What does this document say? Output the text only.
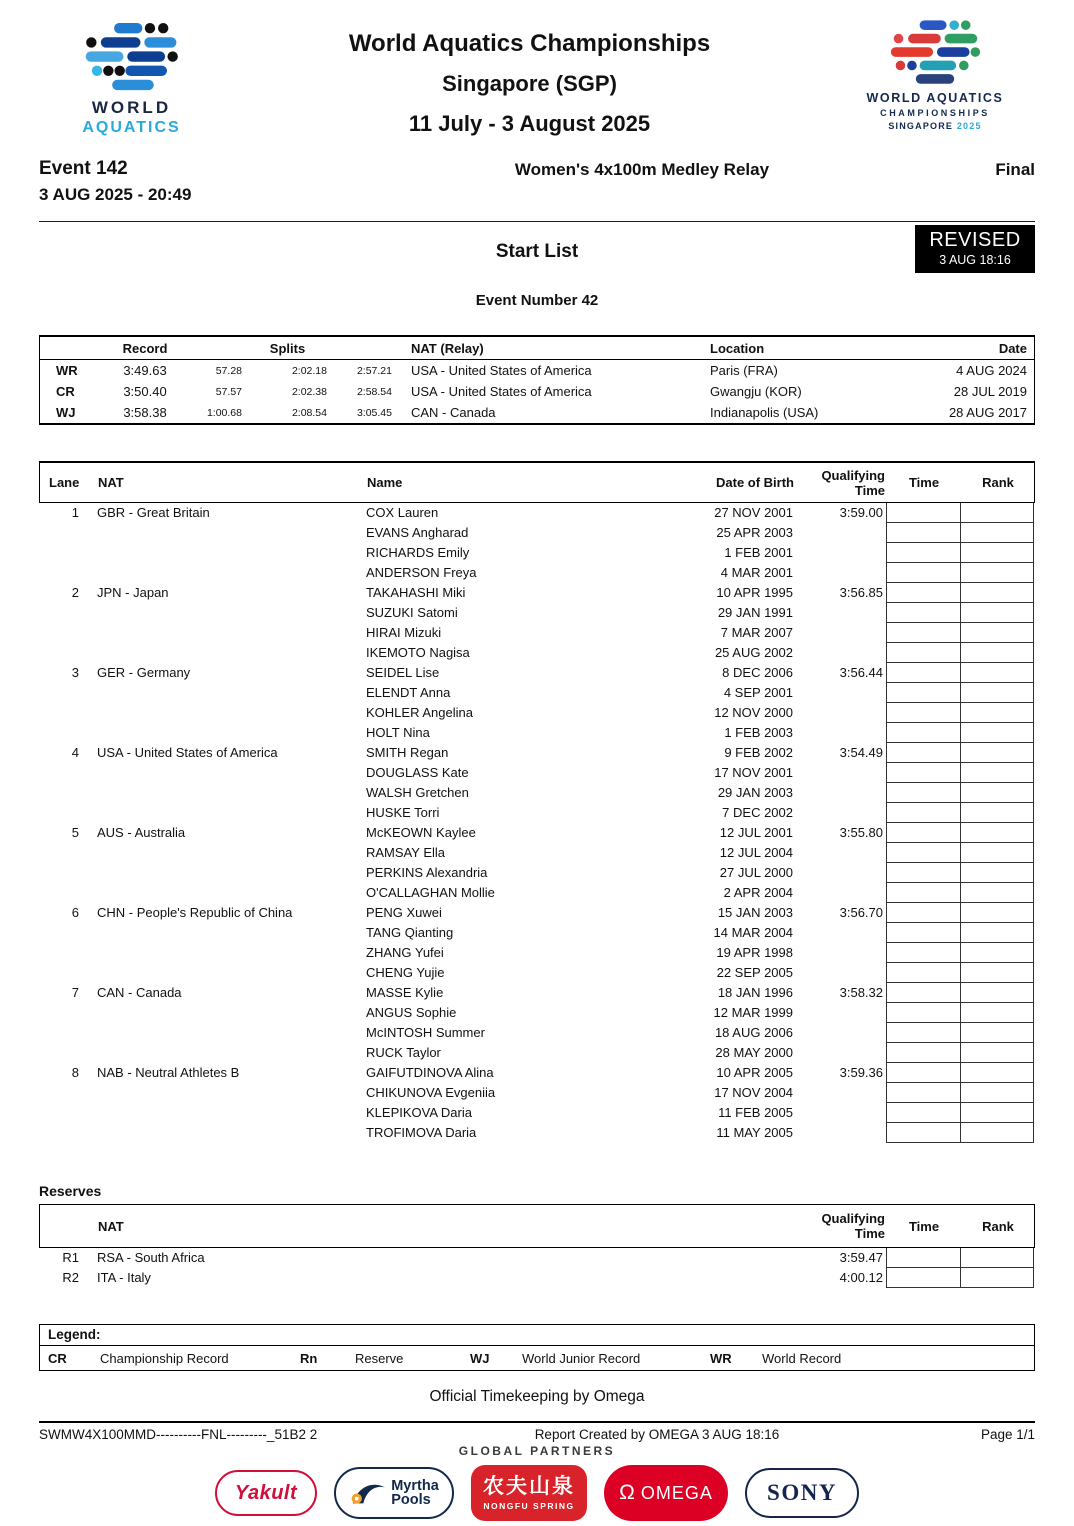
WORLD
AQUATICS
World Aquatics Championships
Singapore (SGP)
11 July - 3 August 2025
WORLD AQUATICS
CHAMPIONSHIPS
SINGAPORE 2025
Event 142
3 AUG 2025 - 20:49
Women's 4x100m Medley Relay	Final
Start List
REVISED
3 AUG 18:16
Event Number 42
Record	Splits	NAT (Relay)	Location	Date
WR	3:49.63	57.28	2:02.18	2:57.21	USA - United States of America	Paris (FRA)	4 AUG 2024
CR	3:50.40	57.57	2:02.38	2:58.54	USA - United States of America	Gwangju (KOR)	28 JUL 2019
WJ	3:58.38	1:00.68	2:08.54	3:05.45	CAN - Canada	Indianapolis (USA)	28 AUG 2017
Lane	NAT	Name	Date of Birth	Qualifying
Time	Time	Rank
1	GBR - Great Britain	COX Lauren	27 NOV 2001	3:59.00
EVANS Angharad	25 APR 2003
RICHARDS Emily	1 FEB 2001
ANDERSON Freya	4 MAR 2001
2	JPN - Japan	TAKAHASHI Miki	10 APR 1995	3:56.85
SUZUKI Satomi	29 JAN 1991
HIRAI Mizuki	7 MAR 2007
IKEMOTO Nagisa	25 AUG 2002
3	GER - Germany	SEIDEL Lise	8 DEC 2006	3:56.44
ELENDT Anna	4 SEP 2001
KOHLER Angelina	12 NOV 2000
HOLT Nina	1 FEB 2003
4	USA - United States of America	SMITH Regan	9 FEB 2002	3:54.49
DOUGLASS Kate	17 NOV 2001
WALSH Gretchen	29 JAN 2003
HUSKE Torri	7 DEC 2002
5	AUS - Australia	McKEOWN Kaylee	12 JUL 2001	3:55.80
RAMSAY Ella	12 JUL 2004
PERKINS Alexandria	27 JUL 2000
O'CALLAGHAN Mollie	2 APR 2004
6	CHN - People's Republic of China	PENG Xuwei	15 JAN 2003	3:56.70
TANG Qianting	14 MAR 2004
ZHANG Yufei	19 APR 1998
CHENG Yujie	22 SEP 2005
7	CAN - Canada	MASSE Kylie	18 JAN 1996	3:58.32
ANGUS Sophie	12 MAR 1999
McINTOSH Summer	18 AUG 2006
RUCK Taylor	28 MAY 2000
8	NAB - Neutral Athletes B	GAIFUTDINOVA Alina	10 APR 2005	3:59.36
CHIKUNOVA Evgeniia	17 NOV 2004
KLEPIKOVA Daria	11 FEB 2005
TROFIMOVA Daria	11 MAY 2005
Reserves
NAT	Qualifying
Time	Time	Rank
R1	RSA - South Africa	3:59.47
R2	ITA - Italy	4:00.12
Legend:
CR	Championship Record	Rn	Reserve	WJ	World Junior Record	WR	World Record
Official Timekeeping by Omega
SWMW4X100MMD----------FNL---------_51B2 2	Report Created by OMEGA 3 AUG 18:16	Page 1/1
GLOBAL PARTNERS
Yakult	Myrtha
Pools
农夫山泉
NONGFU SPRING
Ω OMEGA SONY
